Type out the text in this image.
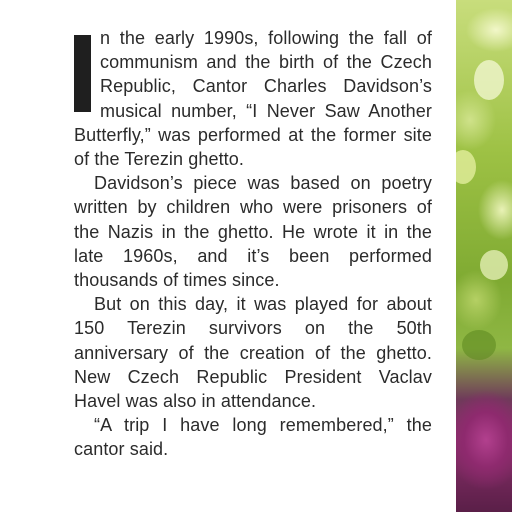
n the early 1990s, following the fall of communism and the birth of the Czech Republic, Cantor Charles Davidson’s musical number, “I Never Saw Another Butterfly,” was performed at the former site of the Terezin ghetto.

Davidson’s piece was based on poetry written by children who were prisoners of the Nazis in the ghetto. He wrote it in the late 1960s, and it’s been performed thousands of times since.

But on this day, it was played for about 150 Terezin survivors on the 50th anniversary of the creation of the ghetto. New Czech Republic President Vaclav Havel was also in attendance.

“A trip I have long remembered,” the cantor said.
